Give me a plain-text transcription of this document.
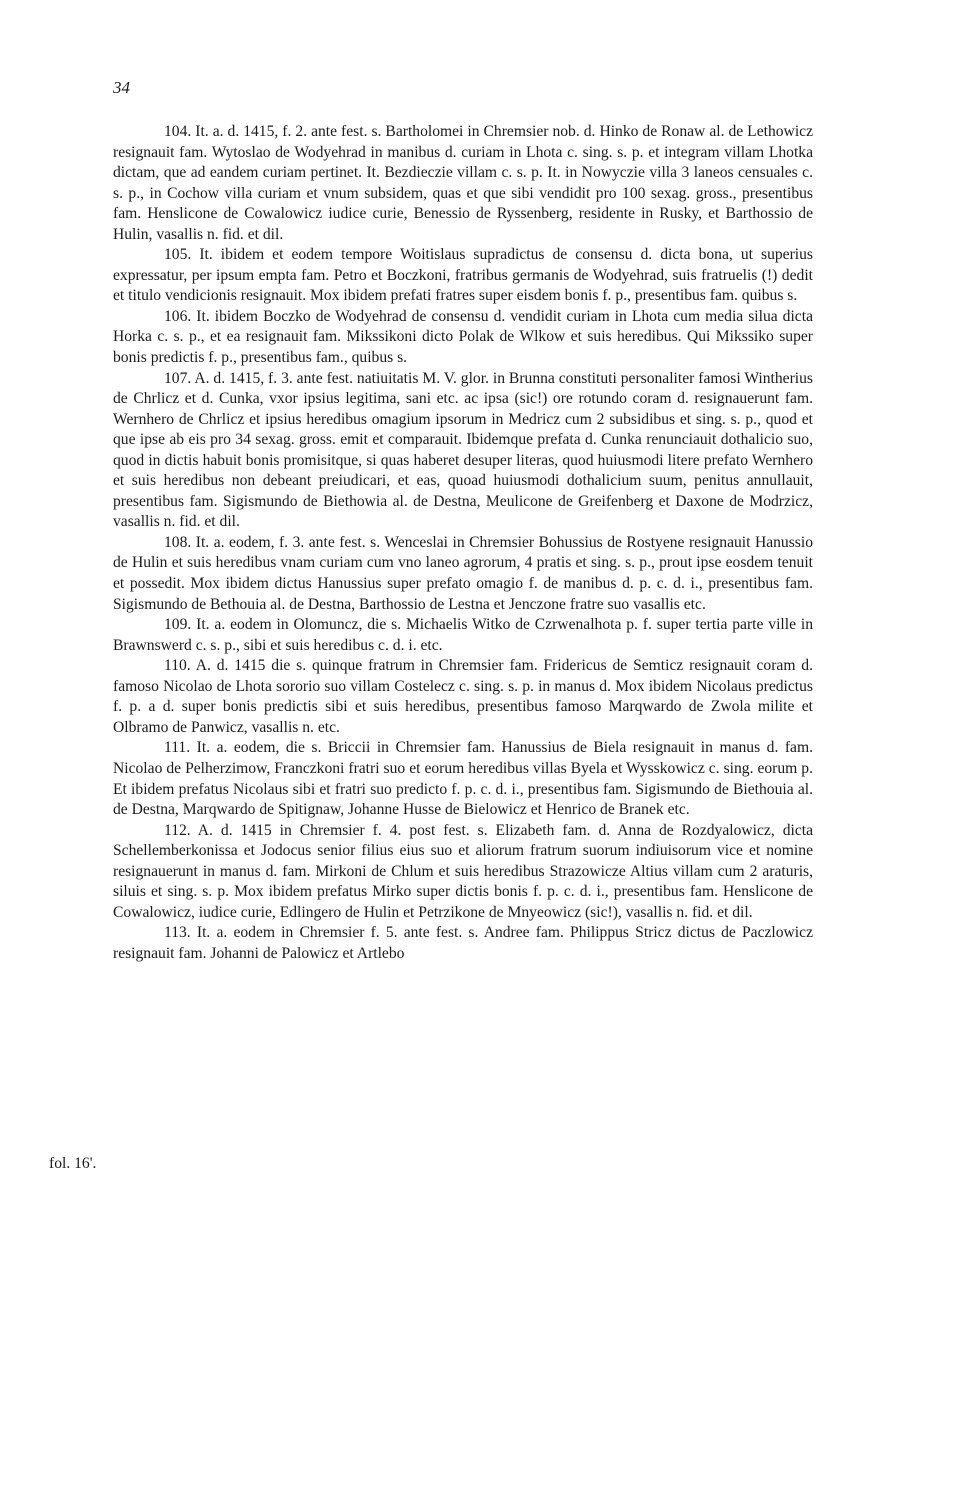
34
fol. 16'.

104. It. a. d. 1415, f. 2. ante fest. s. Bartholomei in Chremsier nob. d. Hinko de Ronaw al. de Lethowicz resignauit fam. Wytoslao de Wodyehrad in manibus d. curiam in Lhota c. sing. s. p. et integram villam Lhotka dictam, que ad eandem curiam pertinet. It. Bezdieczie villam c. s. p. It. in Nowyczie villa 3 laneos censuales c. s. p., in Cochow villa curiam et vnum subsidem, quas et que sibi vendidit pro 100 sexag. gross., presentibus fam. Henslicone de Cowalowicz iudice curie, Benessio de Ryssenberg, residente in Rusky, et Barthossio de Hulin, vasallis n. fid. et dil.

105. It. ibidem et eodem tempore Woitislaus supradictus de consensu d. dicta bona, ut superius expressatur, per ipsum empta fam. Petro et Boczkoni, fratribus germanis de Wodyehrad, suis fratruelis (!) dedit et titulo vendicionis resignauit. Mox ibidem prefati fratres super eisdem bonis f. p., presentibus fam. quibus s.

106. It. ibidem Boczko de Wodyehrad de consensu d. vendidit curiam in Lhota cum media silua dicta Horka c. s. p., et ea resignauit fam. Mikssikoni dicto Polak de Wlkow et suis heredibus. Qui Mikssiko super bonis predictis f. p., presentibus fam., quibus s.

107. A. d. 1415, f. 3. ante fest. natiuitatis M. V. glor. in Brunna constituti personaliter famosi Wintherius de Chrlicz et d. Cunka, vxor ipsius legitima, sani etc. ac ipsa (sic!) ore rotundo coram d. resignauerunt fam. Wernhero de Chrlicz et ipsius heredibus omagium ipsorum in Medricz cum 2 subsidibus et sing. s. p., quod et que ipse ab eis pro 34 sexag. gross. emit et comparauit. Ibidemque prefata d. Cunka renunciauit dothalicio suo, quod in dictis habuit bonis promisitque, si quas haberet desuper literas, quod huiusmodi litere prefato Wernhero et suis heredibus non debeant preiudicari, et eas, quoad huiusmodi dothalicium suum, penitus annullauit, presentibus fam. Sigismundo de Biethowia al. de Destna, Meulicone de Greifenberg et Daxone de Modrzicz, vasallis n. fid. et dil.

108. It. a. eodem, f. 3. ante fest. s. Wenceslai in Chremsier Bohussius de Rostyene resignauit Hanussio de Hulin et suis heredibus vnam curiam cum vno laneo agrorum, 4 pratis et sing. s. p., prout ipse eosdem tenuit et possedit. Mox ibidem dictus Hanussius super prefato omagio f. de manibus d. p. c. d. i., presentibus fam. Sigismundo de Bethouia al. de Destna, Barthossio de Lestna et Jenczone fratre suo vasallis etc.

109. It. a. eodem in Olomuncz, die s. Michaelis Witko de Czrwenalhota p. f. super tertia parte ville in Brawnswerd c. s. p., sibi et suis heredibus c. d. i. etc.

110. A. d. 1415 die s. quinque fratrum in Chremsier fam. Fridericus de Semticz resignauit coram d. famoso Nicolao de Lhota sororio suo villam Costelecz c. sing. s. p. in manus d. Mox ibidem Nicolaus predictus f. p. a d. super bonis predictis sibi et suis heredibus, presentibus famoso Marqwardo de Zwola milite et Olbramo de Panwicz, vasallis n. etc.

111. It. a. eodem, die s. Briccii in Chremsier fam. Hanussius de Biela resignauit in manus d. fam. Nicolao de Pelherzimow, Franczkoni fratri suo et eorum heredibus villas Byela et Wysskowicz c. sing. eorum p. Et ibidem prefatus Nicolaus sibi et fratri suo predicto f. p. c. d. i., presentibus fam. Sigismundo de Biethouia al. de Destna, Marqwardo de Spitignaw, Johanne Husse de Bielowicz et Henrico de Branek etc.

112. A. d. 1415 in Chremsier f. 4. post fest. s. Elizabeth fam. d. Anna de Rozdyalowicz, dicta Schellemberkonissa et Jodocus senior filius eius suo et aliorum fratrum suorum indiuisorum vice et nomine resignauerunt in manus d. fam. Mirkoni de Chlum et suis heredibus Strazowicze Altius villam cum 2 araturis, siluis et sing. s. p. Mox ibidem prefatus Mirko super dictis bonis f. p. c. d. i., presentibus fam. Henslicone de Cowalowicz, iudice curie, Edlingero de Hulin et Petrzikone de Mnyeowicz (sic!), vasallis n. fid. et dil.

113. It. a. eodem in Chremsier f. 5. ante fest. s. Andree fam. Philippus Stricz dictus de Paczlowicz resignauit fam. Johanni de Palowicz et Artlebo
